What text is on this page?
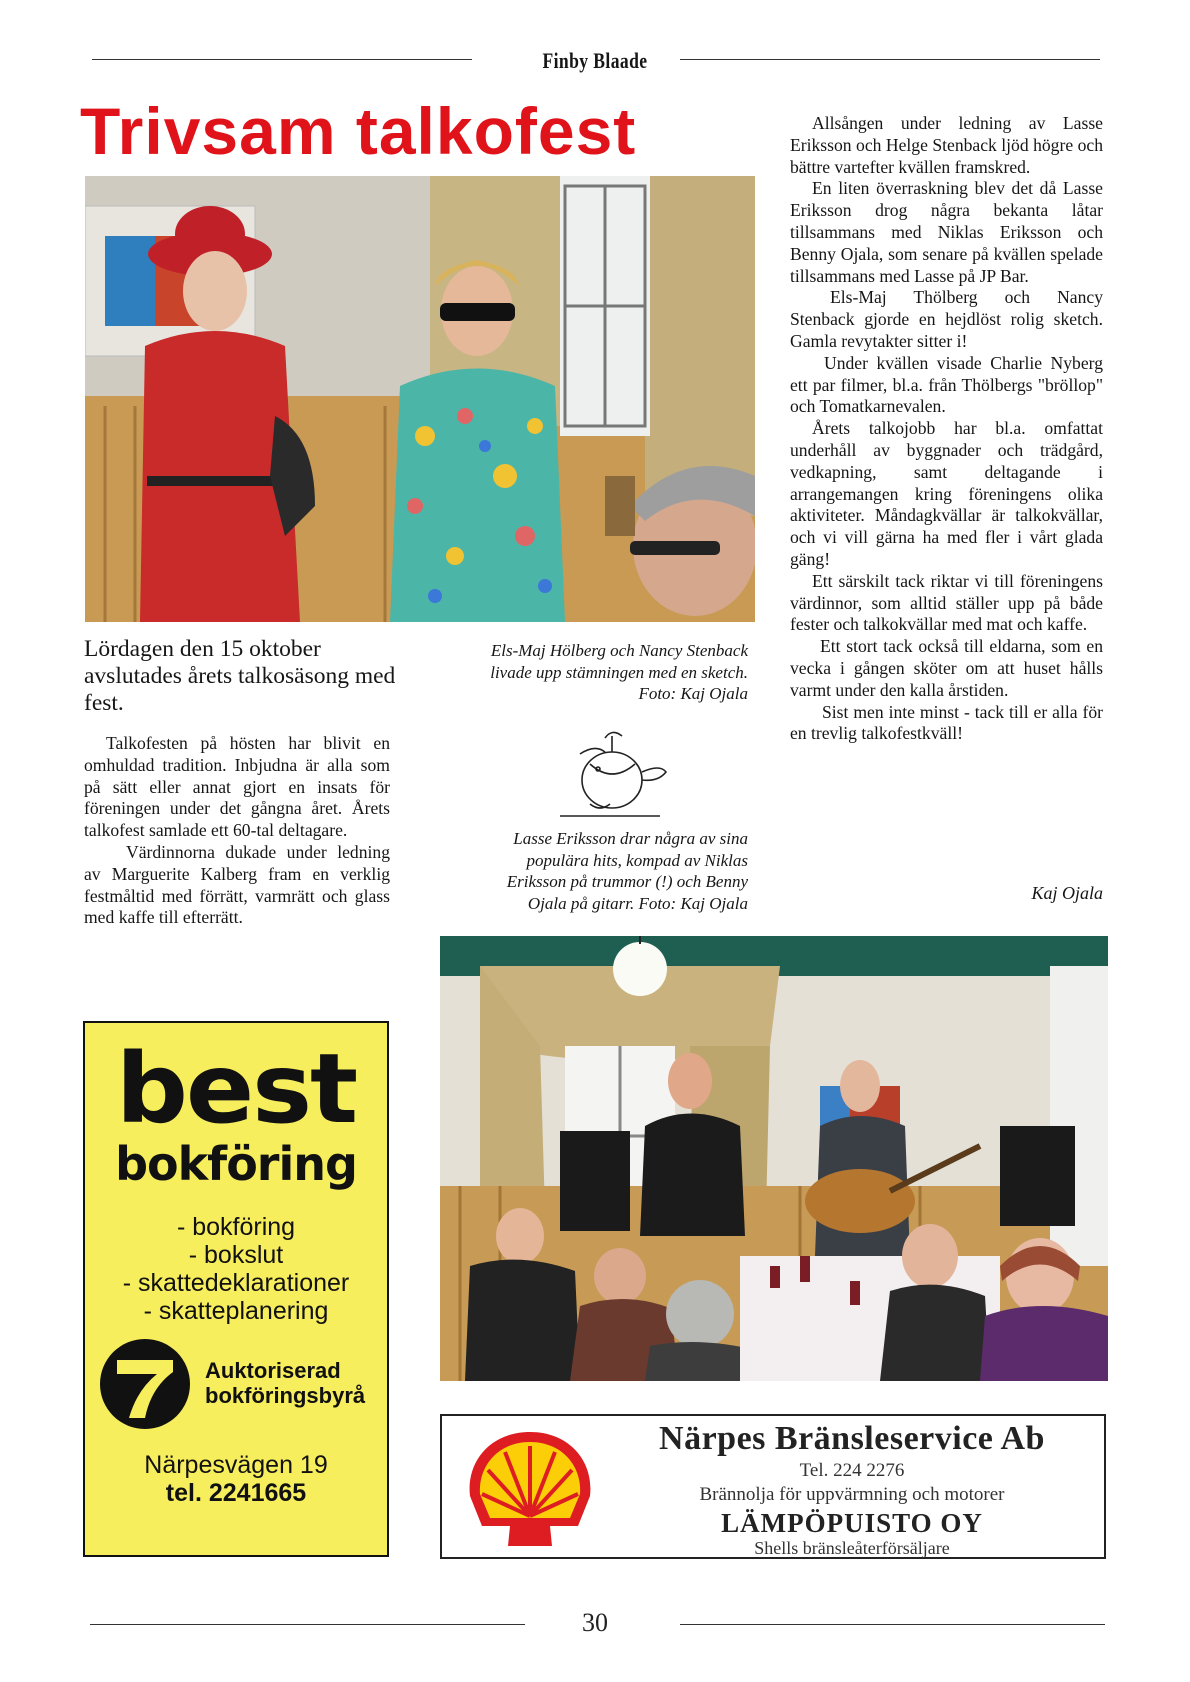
Finby Blaade
Trivsam talkofest
Lördagen den 15 oktober avslutades årets talkosäsong med fest.

Talkofesten på hösten har blivit en omhuldad tradition. Inbjudna är alla som på sätt eller annat gjort en insats för föreningen under det gångna året. Årets talkofest samlade ett 60-tal deltagare.

Värdinnorna dukade under ledning av Marguerite Kalberg fram en verklig festmåltid med förrätt, varmrätt och glass med kaffe till efterrätt.

Els-Maj Hölberg och Nancy Stenback livade upp stämningen med en sketch. Foto: Kaj Ojala
Lasse Eriksson drar några av sina populära hits, kompad av Niklas Eriksson på trummor (!) och Benny Ojala på gitarr. Foto: Kaj Ojala

Allsången under ledning av Lasse Eriksson och Helge Stenback ljöd högre och bättre vartefter kvällen framskred.

En liten överraskning blev det då Lasse Eriksson drog några bekanta låtar tillsammans med Niklas Eriksson och Benny Ojala, som senare på kvällen spelade tillsammans med Lasse på JP Bar.

Els-Maj Thölberg och Nancy Stenback gjorde en hejdlöst rolig sketch. Gamla revytakter sitter i!

Under kvällen visade Charlie Nyberg ett par filmer, bl.a. från Thölbergs "bröllop" och Tomatkarnevalen.

Årets talkojobb har bl.a. omfattat underhåll av byggnader och trädgård, vedkapning, samt deltagande i arrangemangen kring föreningens olika aktiviteter. Måndagkvällar är talkokvällar, och vi vill gärna ha med fler i vårt glada gäng!

Ett särskilt tack riktar vi till föreningens värdinnor, som alltid ställer upp på både fester och talkokvällar med mat och kaffe.

Ett stort tack också till eldarna, som en vecka i gången sköter om att huset hålls varmt under den kalla årstiden.

Sist men inte minst - tack till er alla för en trevlig talkofestkväll!

Kaj Ojala
best
bokföring
- bokföring
- bokslut
- skattedeklarationer
- skatteplanering
Auktoriserad
bokföringsbyrå
Närpesvägen 19
tel. 2241665
Närpes Bränsleservice Ab
Tel. 224 2276
Brännolja för uppvärmning och motorer
LÄMPÖPUISTO OY
Shells bränsleåterförsäljare
30
